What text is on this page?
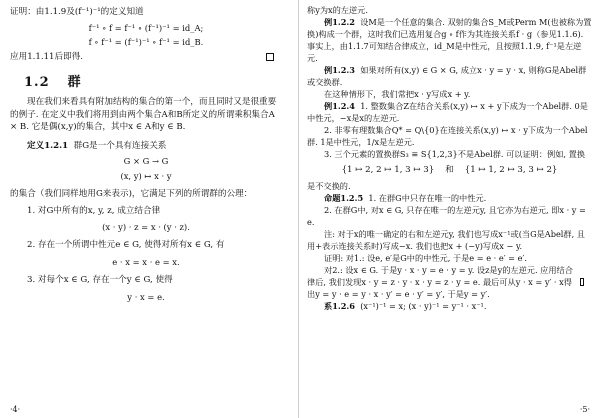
证明：由1.1.9及(f⁻¹)⁻¹的定义知道

f⁻¹ ∘ f = f⁻¹ ∘ (f⁻¹)⁻¹ = id_A;

f ∘ f⁻¹ = (f⁻¹)⁻¹ ∘ f⁻¹ = id_B.

应用1.1.11后即得.

1.2 群

现在我们来看具有附加结构的集合的第一个，而且同时又是很重要的例子. 在定义中我们将用到由两个集合A和B所定义的所谓乘积集合A × B. 它是偶(x,y)的集合，其中x ∈ A和y ∈ B.

定义1.2.1 群G是一个具有连接关系

G × G → G

(x, y) ↦ x · y

的集合（我们同样地用G来表示)，它满足下列的所谓群的公理：

1. 对G中所有的x, y, z, 成立结合律

(x · y) · z = x · (y · z).

2. 存在一个所谓中性元e ∈ G, 使得对所有x ∈ G, 有

e · x = x · e = x.

3. 对每个x ∈ G, 存在一个y ∈ G, 使得

y · x = e.

·4·

称y为x的左逆元.

例1.2.2 设M是一个任意的集合. 双射的集合S_M或Perm M(也被称为置换)构成一个群，这时我们已选用复合g ∘ f作为其连接关系f · g（参见1.1.6). 事实上，由1.1.7可知结合律成立，id_M是中性元，且按照1.1.9, f⁻¹是左逆元.

例1.2.3 如果对所有(x,y) ∈ G × G, 成立x · y = y · x, 则称G是Abel群或交换群.

在这种情形下，我们常把x · y写成x + y.

例1.2.4 1. 整数集合Z在结合关系(x,y) ↦ x + y下成为一个Abel群. 0是中性元，−x是x的左逆元.

2. 非零有理数集合Q* = Q\{0}在连接关系(x,y) ↦ x · y下成为一个Abel群. 1是中性元，1/x是左逆元.

3. 三个元素的置换群S₃ ≡ S{1,2,3}不是Abel群. 可以证明：例如, 置换

{1 ↦ 2, 2 ↦ 1, 3 ↦ 3} 和 {1 ↦ 1, 2 ↦ 3, 3 ↦ 2}

是不交换的.

命题1.2.5 1. 在群G中只存在唯一的中性元.

2. 在群G中, 对x ∈ G, 只存在唯一的左逆元y, 且它亦为右逆元, 即x · y = e.

注: 对于x的唯一确定的右和左逆元y, 我们也写成x⁻¹或(当G是Abel群, 且用+表示连接关系时)写成−x. 我们也把x + (−y)写成x − y.

证明: 对1.: 设e, e′是G中的中性元, 于是e = e · e′ = e′.

对2.: 设x ∈ G. 于是y · x · y = e · y = y. 设z是y的左逆元. 应用结合律后, 我们发现x · y = z · y · x · y = z · y = e. 最后可从y · x = y′ · x得出y = y · e = y · x · y′ = e · y′ = y′, 于是y = y′.

系1.2.6 (x⁻¹)⁻¹ = x; (x · y)⁻¹ = y⁻¹ · x⁻¹.

·5·
